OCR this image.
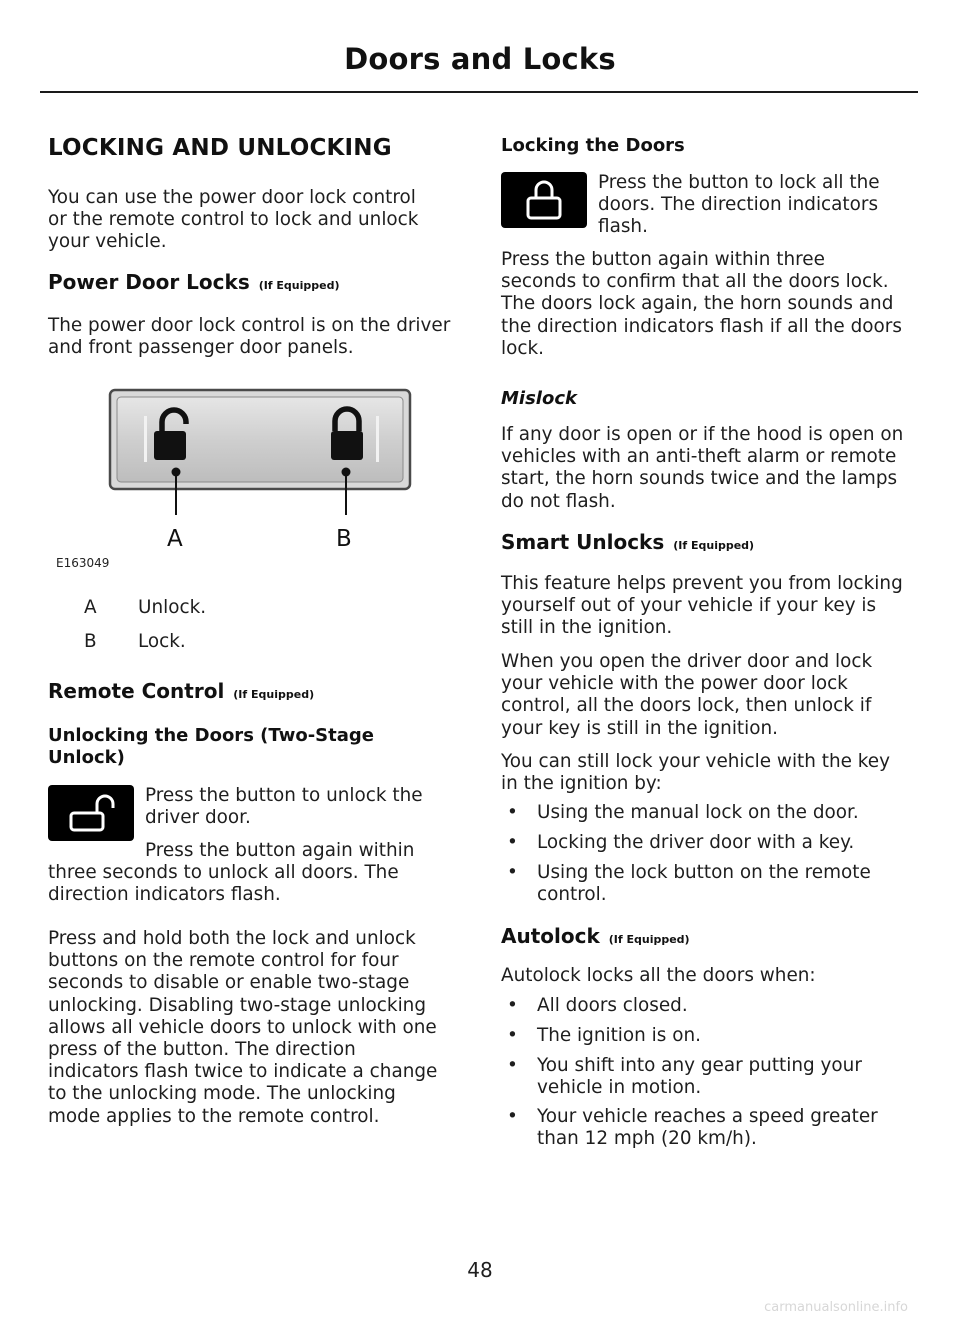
Doors and Locks
LOCKING AND UNLOCKING
You can use the power door lock control
or the remote control to lock and unlock
your vehicle.
Power Door Locks (If Equipped)
The power door lock control is on the driver
and front passenger door panels.
A	B
E163049
A Unlock.
B Lock.
Remote Control (If Equipped)
Unlocking the Doors (Two-Stage
Unlock)
Press the button to unlock the
driver door.
Press the button again within
three seconds to unlock all doors. The
direction indicators flash.
Press and hold both the lock and unlock
buttons on the remote control for four
seconds to disable or enable two-stage
unlocking. Disabling two-stage unlocking
allows all vehicle doors to unlock with one
press of the button. The direction
indicators flash twice to indicate a change
to the unlocking mode. The unlocking
mode applies to the remote control.
Locking the Doors
Press the button to lock all the
doors. The direction indicators
flash.
Press the button again within three
seconds to confirm that all the doors lock.
The doors lock again, the horn sounds and
the direction indicators flash if all the doors
lock.
Mislock
If any door is open or if the hood is open on
vehicles with an anti-theft alarm or remote
start, the horn sounds twice and the lamps
do not flash.
Smart Unlocks (If Equipped)
This feature helps prevent you from locking
yourself out of your vehicle if your key is
still in the ignition.
When you open the driver door and lock
your vehicle with the power door lock
control, all the doors lock, then unlock if
your key is still in the ignition.
You can still lock your vehicle with the key
in the ignition by:
• Using the manual lock on the door.
• Locking the driver door with a key.
• Using the lock button on the remote
control.
Autolock (If Equipped)
Autolock locks all the doors when:
• All doors closed.
• The ignition is on.
• You shift into any gear putting your
vehicle in motion.
• Your vehicle reaches a speed greater
than 12 mph (20 km/h).
48
carmanualsonline.info
